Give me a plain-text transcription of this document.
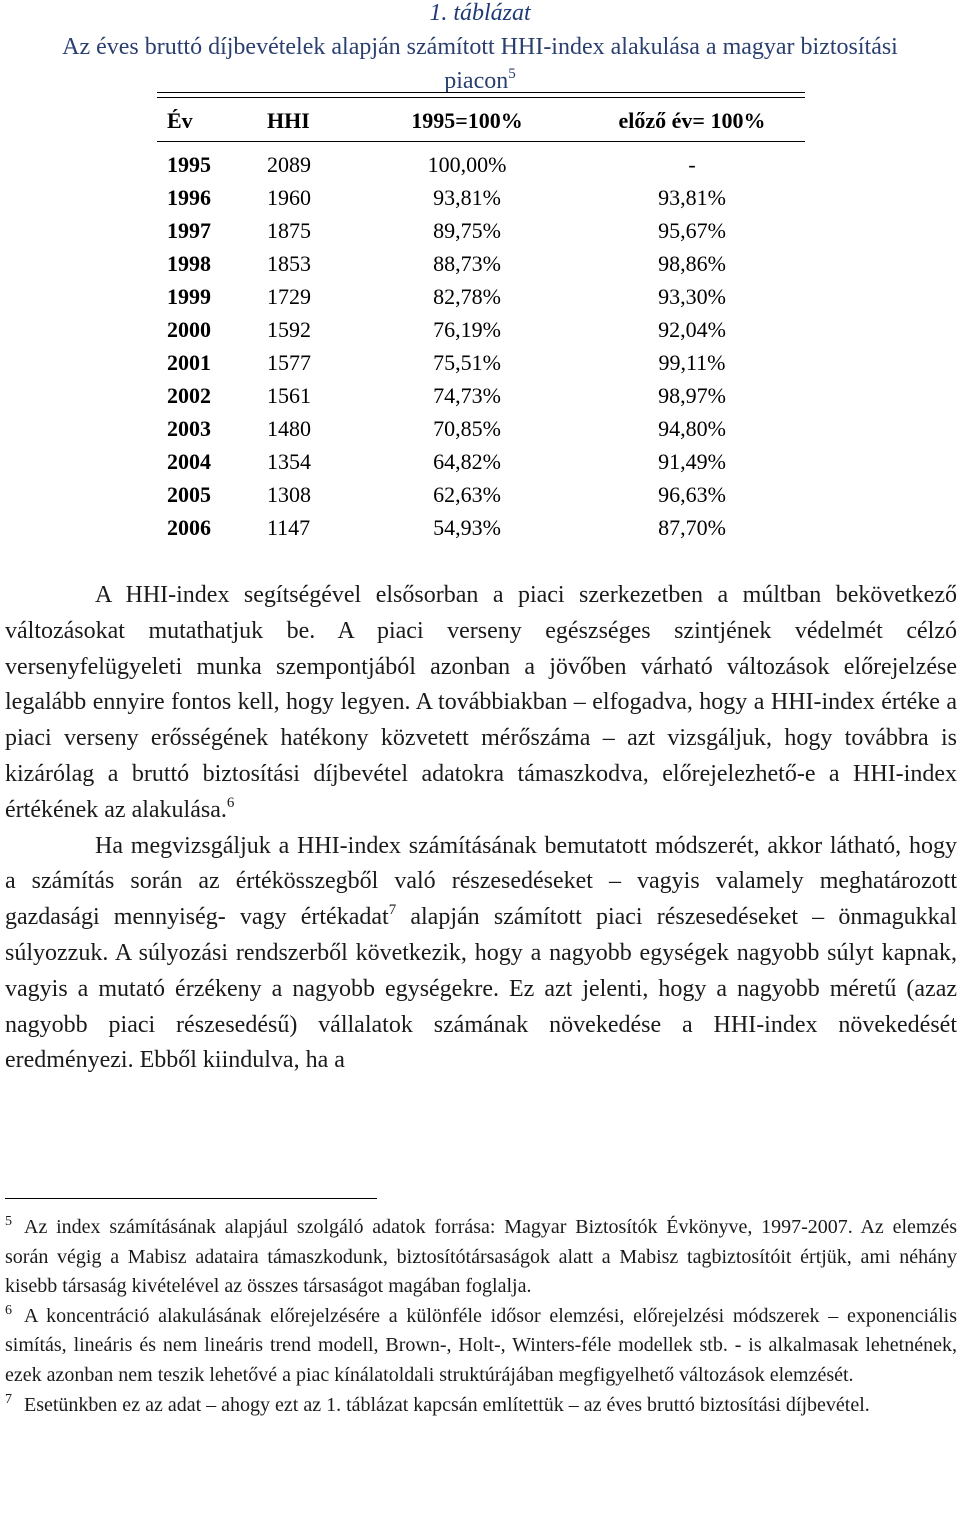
1. táblázat
Az éves bruttó díjbevételek alapján számított HHI-index alakulása a magyar biztosítási piacon$^5$
Év	HHI	1995=100%	előző év= 100%
1995	2089	100,00%	-
1996	1960	93,81%	93,81%
1997	1875	89,75%	95,67%
1998	1853	88,73%	98,86%
1999	1729	82,78%	93,30%
2000	1592	76,19%	92,04%
2001	1577	75,51%	99,11%
2002	1561	74,73%	98,97%
2003	1480	70,85%	94,80%
2004	1354	64,82%	91,49%
2005	1308	62,63%	96,63%
2006	1147	54,93%	87,70%

A HHI-index segítségével elsősorban a piaci szerkezetben a múltban bekövetkező változásokat mutathatjuk be. A piaci verseny egészséges szintjének védelmét célzó versenyfelügyeleti munka szempontjából azonban a jövőben várható változások előrejelzése legalább ennyire fontos kell, hogy legyen. A továbbiakban – elfogadva, hogy a HHI-index értéke a piaci verseny erősségének hatékony közvetett mérőszáma – azt vizsgáljuk, hogy továbbra is kizárólag a bruttó biztosítási díjbevétel adatokra támaszkodva, előrejelezhető-e a HHI-index értékének az alakulása.$^6$

Ha megvizsgáljuk a HHI-index számításának bemutatott módszerét, akkor látható, hogy a számítás során az értékösszegből való részesedéseket – vagyis valamely meghatározott gazdasági mennyiség- vagy értékadat$^7$ alapján számított piaci részesedéseket – önmagukkal súlyozzuk. A súlyozási rendszerből következik, hogy a nagyobb egységek nagyobb súlyt kapnak, vagyis a mutató érzékeny a nagyobb egységekre. Ez azt jelenti, hogy a nagyobb méretű (azaz nagyobb piaci részesedésű) vállalatok számának növekedése a HHI-index növekedését eredményezi. Ebből kiindulva, ha a

$^5$ Az index számításának alapjául szolgáló adatok forrása: Magyar Biztosítók Évkönyve, 1997-2007. Az elemzés során végig a Mabisz adataira támaszkodunk, biztosítótársaságok alatt a Mabisz tagbiztosítóit értjük, ami néhány kisebb társaság kivételével az összes társaságot magában foglalja.

$^6$ A koncentráció alakulásának előrejelzésére a különféle idősor elemzési, előrejelzési módszerek – exponenciális simítás, lineáris és nem lineáris trend modell, Brown-, Holt-, Winters-féle modellek stb. - is alkalmasak lehetnének, ezek azonban nem teszik lehetővé a piac kínálatoldali struktúrájában megfigyelhető változások elemzését.

$^7$ Esetünkben ez az adat – ahogy ezt az 1. táblázat kapcsán említettük – az éves bruttó biztosítási díjbevétel.
